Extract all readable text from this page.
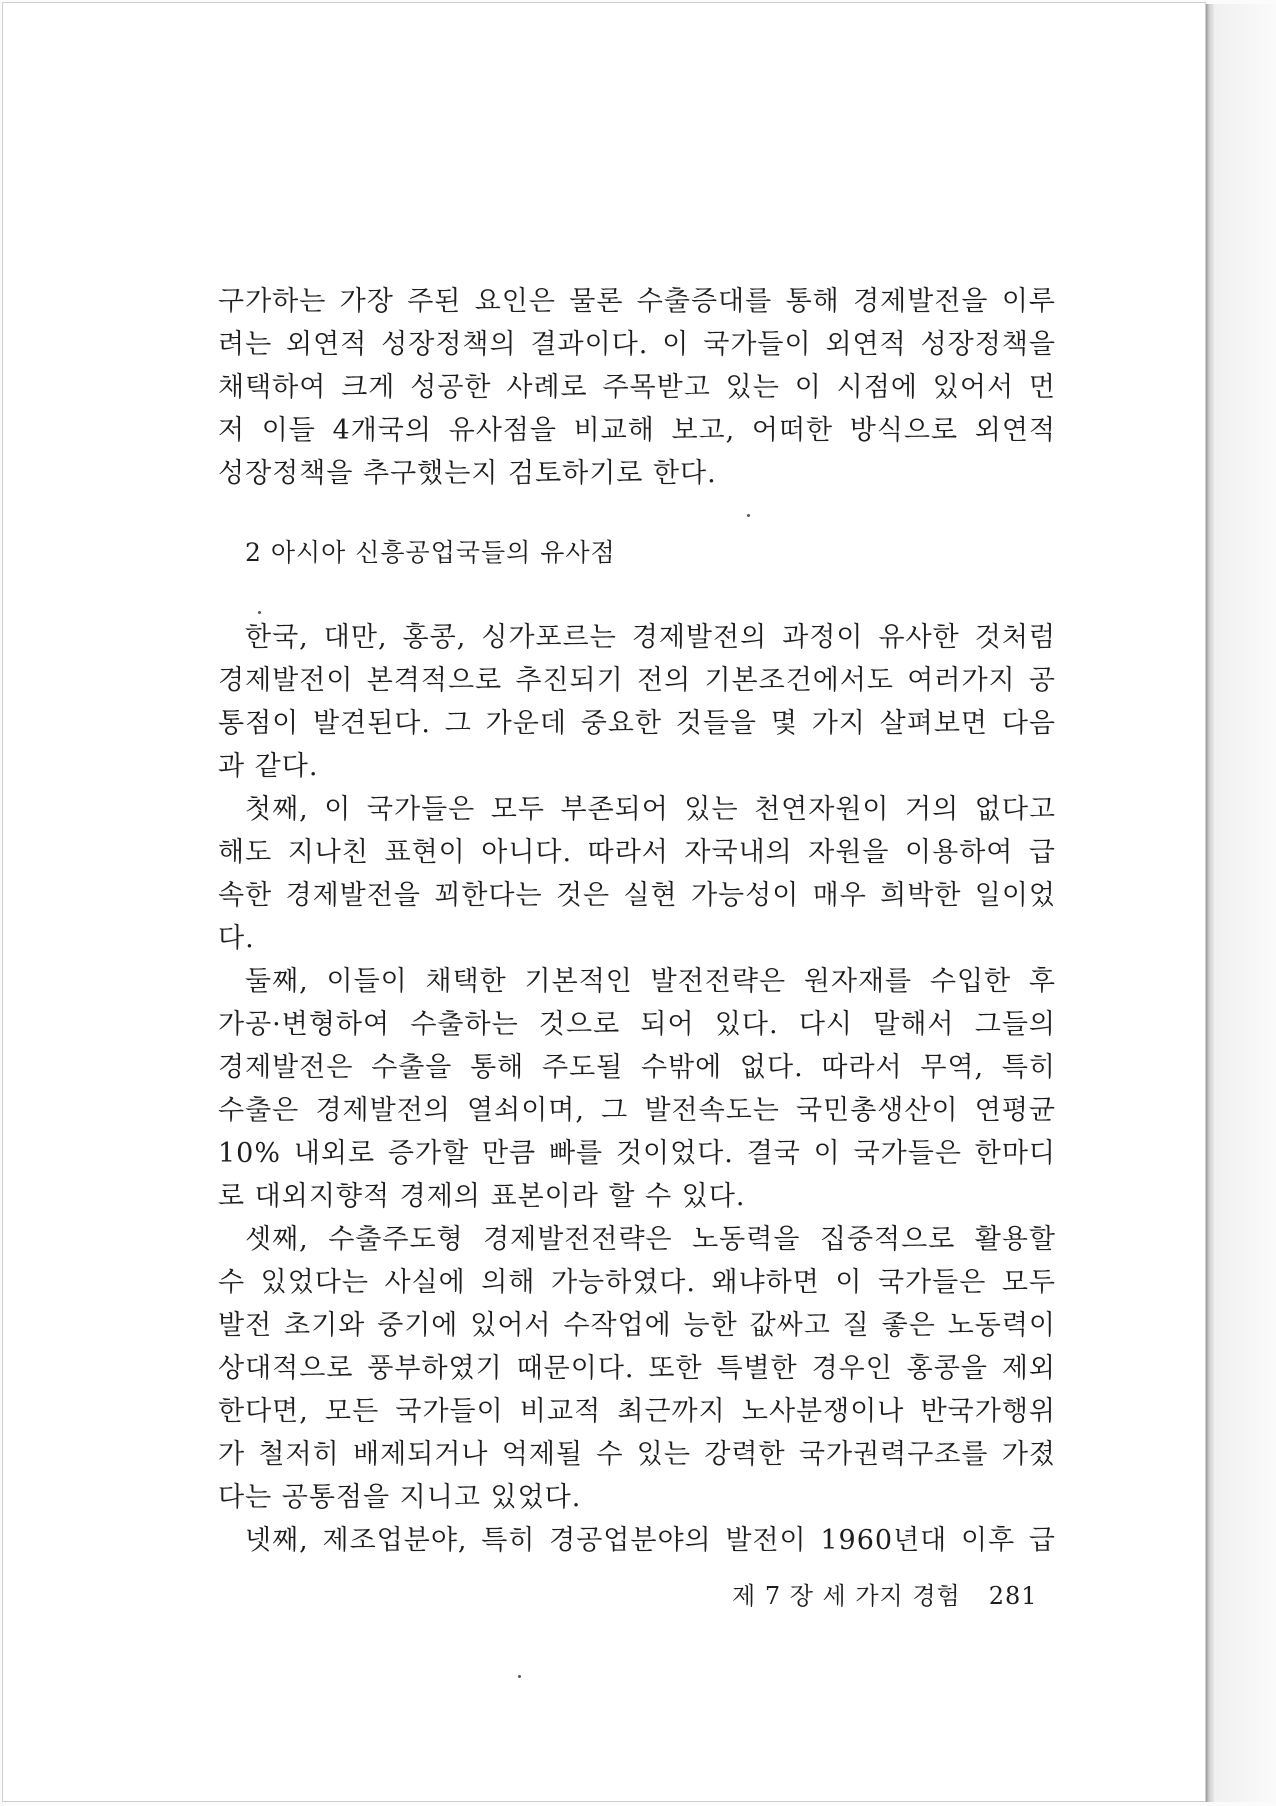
구가하는 가장 주된 요인은 물론 수출증대를 통해 경제발전을 이루
려는 외연적 성장정책의 결과이다. 이 국가들이 외연적 성장정책을
채택하여 크게 성공한 사례로 주목받고 있는 이 시점에 있어서 먼
저 이들 4개국의 유사점을 비교해 보고, 어떠한 방식으로 외연적
성장정책을 추구했는지 검토하기로 한다.
2 아시아 신흥공업국들의 유사점
한국, 대만, 홍콩, 싱가포르는 경제발전의 과정이 유사한 것처럼
경제발전이 본격적으로 추진되기 전의 기본조건에서도 여러가지 공
통점이 발견된다. 그 가운데 중요한 것들을 몇 가지 살펴보면 다음
과 같다.
첫째, 이 국가들은 모두 부존되어 있는 천연자원이 거의 없다고
해도 지나친 표현이 아니다. 따라서 자국내의 자원을 이용하여 급
속한 경제발전을 꾀한다는 것은 실현 가능성이 매우 희박한 일이었
다.
둘째, 이들이 채택한 기본적인 발전전략은 원자재를 수입한 후
가공·변형하여 수출하는 것으로 되어 있다. 다시 말해서 그들의
경제발전은 수출을 통해 주도될 수밖에 없다. 따라서 무역, 특히
수출은 경제발전의 열쇠이며, 그 발전속도는 국민총생산이 연평균
10% 내외로 증가할 만큼 빠를 것이었다. 결국 이 국가들은 한마디
로 대외지향적 경제의 표본이라 할 수 있다.
셋째, 수출주도형 경제발전전략은 노동력을 집중적으로 활용할
수 있었다는 사실에 의해 가능하였다. 왜냐하면 이 국가들은 모두
발전 초기와 중기에 있어서 수작업에 능한 값싸고 질 좋은 노동력이
상대적으로 풍부하였기 때문이다. 또한 특별한 경우인 홍콩을 제외
한다면, 모든 국가들이 비교적 최근까지 노사분쟁이나 반국가행위
가 철저히 배제되거나 억제될 수 있는 강력한 국가권력구조를 가졌
다는 공통점을 지니고 있었다.
넷째, 제조업분야, 특히 경공업분야의 발전이 1960년대 이후 급
제 7 장 세 가지 경험 281
